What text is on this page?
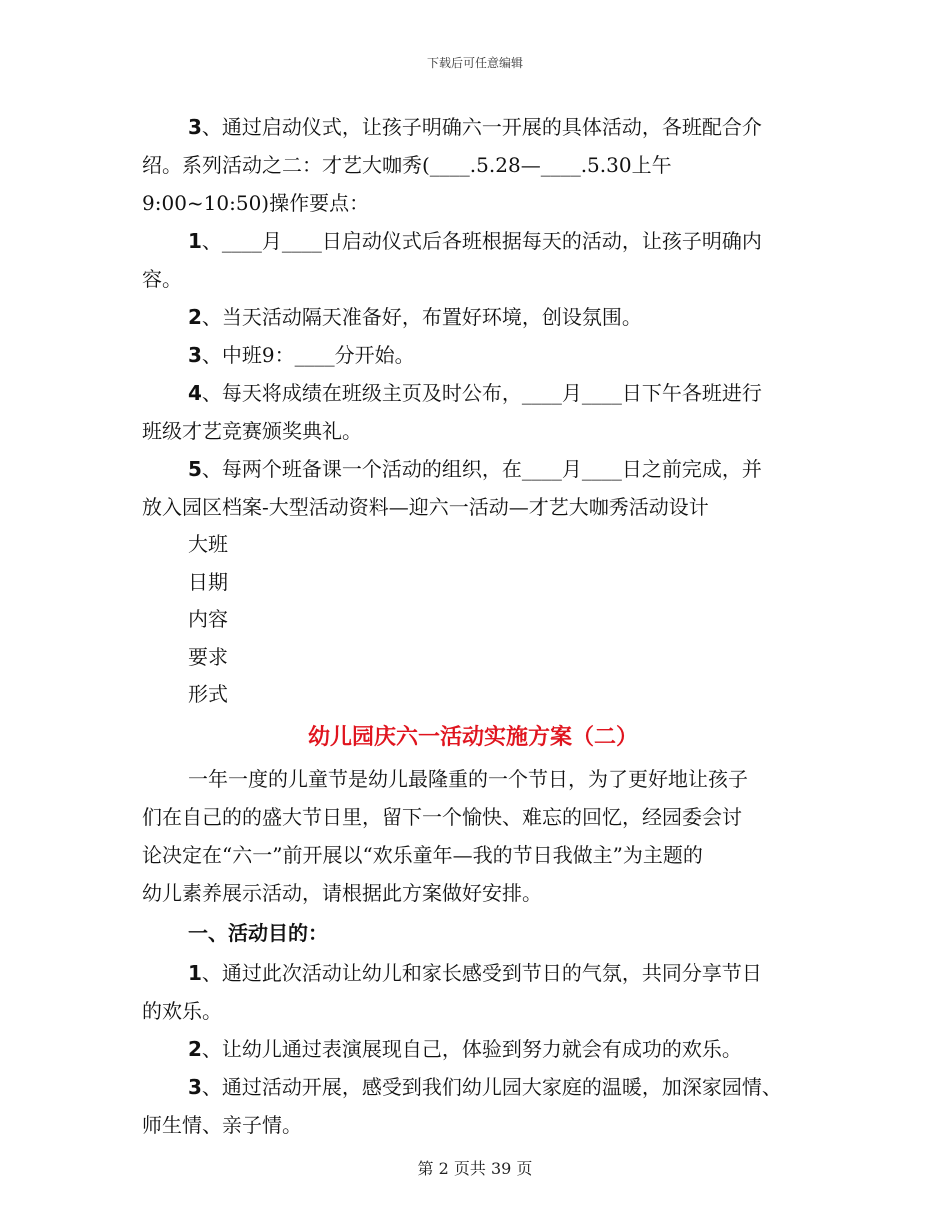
下载后可任意编辑

3、通过启动仪式，让孩子明确六一开展的具体活动，各班配合介

绍。系列活动之二：才艺大咖秀(____.5.28—____.5.30上午

9:00~10:50)操作要点：

1、____月____日启动仪式后各班根据每天的活动，让孩子明确内

容。

2、当天活动隔天准备好，布置好环境，创设氛围。

3、中班9：____分开始。

4、每天将成绩在班级主页及时公布，____月____日下午各班进行

班级才艺竞赛颁奖典礼。

5、每两个班备课一个活动的组织，在____月____日之前完成，并

放入园区档案-大型活动资料—迎六一活动—才艺大咖秀活动设计

大班

日期

内容

要求

形式

幼儿园庆六一活动实施方案（二）

一年一度的儿童节是幼儿最隆重的一个节日，为了更好地让孩子

们在自己的的盛大节日里，留下一个愉快、难忘的回忆，经园委会讨

论决定在“六一”前开展以“欢乐童年—我的节日我做主”为主题的

幼儿素养展示活动，请根据此方案做好安排。

一、活动目的：

1、通过此次活动让幼儿和家长感受到节日的气氛，共同分享节日

的欢乐。

2、让幼儿通过表演展现自己，体验到努力就会有成功的欢乐。

3、通过活动开展，感受到我们幼儿园大家庭的温暖，加深家园情、

师生情、亲子情。

第 2 页共 39 页
